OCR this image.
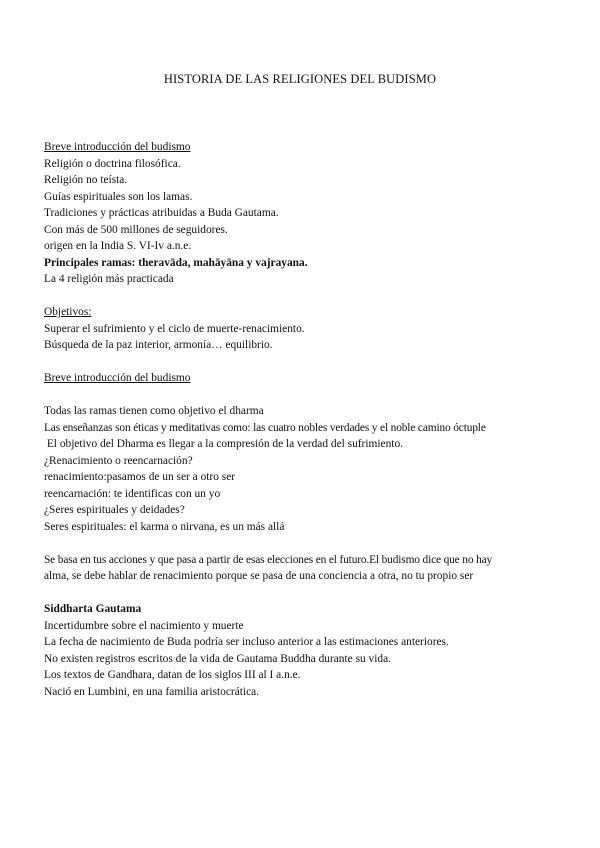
HISTORIA DE LAS RELIGIONES DEL BUDISMO
Breve introducción del budismo
Religión o doctrina filosófica.
Religión no teísta.
Guías espirituales son los lamas.
Tradiciones y prácticas atribuidas a Buda Gautama.
Con más de 500 millones de seguidores.
origen en la India S. VI-Iv a.n.e.
Principales ramas: theravāda, mahāyāna y vajrayana.
La 4 religión más practicada
Objetivos:
Superar el sufrimiento y el ciclo de muerte-renacimiento.
Búsqueda de la paz interior, armonía… equilibrio.
Breve introducción del budismo
Todas las ramas tienen como objetivo el dharma
Las enseñanzas son éticas y meditativas como: las cuatro nobles verdades y el noble camino óctuple
El objetivo del Dharma es llegar a la compresión de la verdad del sufrimiento.
¿Renacimiento o reencarnación?
renacimiento:pasamos de un ser a otro ser
reencarnación: te identificas con un yo
¿Seres espirituales y deidades?
Seres espirituales: el karma o nirvana, es un más allá
Se basa en tus acciones y que pasa a partir de esas elecciones en el futuro.El budismo dice que no hay
alma, se debe hablar de renacimiento porque se pasa de una conciencia a otra, no tu propio ser
Siddharta Gautama
Incertidumbre sobre el nacimiento y muerte
La fecha de nacimiento de Buda podría ser incluso anterior a las estimaciones anteriores.
No existen registros escritos de la vida de Gautama Buddha durante su vida.
Los textos de Gandhara, datan de los siglos III al I a.n.e.
Nació en Lumbini, en una familia aristocrática.
